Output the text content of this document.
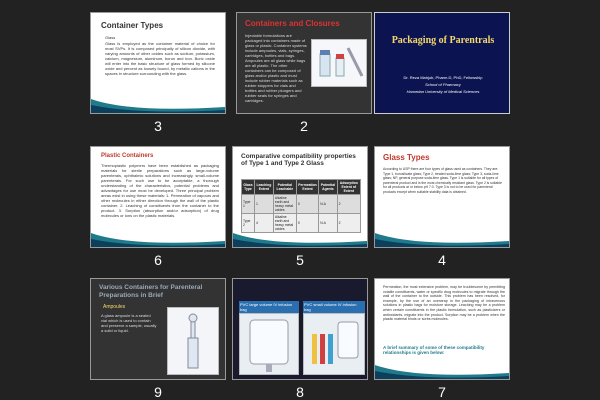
Container Types
Glass
Glass is employed as the container material of choice for most SVPs. It is composed principally of silicon dioxide, with varying amounts of other oxides such as sodium, potassium, calcium, magnesium, aluminum, boron and iron. Boric oxide will enter into the basic structure of glass formed by silicone oxide and percent as loosely bound, by metallic cations in the spaces in structure surrounding with the glass.
3
Containers and Closures
Injectable formulations are packaged into containers made of glass or plastic. Container systems include ampoules, vials, syringes, cartridges, bottles and bags. Ampoules are all glass while bags are all plastic. The other containers can be composed of glass and/or plastic and must include rubber materials such as rubber stoppers for vials and bottles and rubber plungers and rubber seals for syringes and cartridges.
2
Packaging of Parentrals
Dr. Reza Mahjub, Pharm.D, PhD, Fellowship
School of Pharmacy
Hamedan University of Medical Sciences
Plastic Containers
Thermoplastic polymers have been established as packaging materials for sterile preparations such as large-volume parenterals, ophthalmic solutions and increasingly, small-volume parenterals. For such use to be acceptable, a thorough understanding of the characteristics, potential problems and advantages for use must be developed. Three principal problem areas exist in using these materials: 1. Permeation of vapours and other molecules in either direction through the wall of the plastic container. 2. Leaching of constituents from the container to the product. 3. Sorption (absorption and/or adsorption) of drug molecules or ions on the plastic materials.
6
Comparative compatibility properties of Type 1 and Type 2 Glass
Glass Type	Leaching Extent	Potential Leachable	Permeation Extent	Potential Agents	Adsorption Extent of Extent
Type 1	1	Alkaline earth and heavy metal oxides	0	N.A	2
Type 2	4	Alkaline earth and heavy metal oxides	0	N.A	2
5
Glass Types
According to USP there are four types of glass used as containers. They are: Type 1, borosilicate glass; Type 2, treated soda-lime glass; Type 3, soda-lime glass; NP, general purpose soda-lime glass. Type 1 is suitable for all types of parenteral product and is the most chemically resistant glass. Type 2 is suitable for all products at or below pH 7.0. Type 3 is not to be used for parenteral products except when suitable stability data is obtained.
4
Various Containers for Parenteral Preparations in Brief
Ampoules
A glass ampoule is a sealed vial which is used to contain and preserve a sample, usually a solid or liquid.
9
PVC large volume IV infusion bag
PVC small volume IV infusion bag
8
Permeation, the most extensive problem, may be troublesome by permitting volatile constituents, water or specific drug molecules to migrate through the wall of the container to the outside. This problem has been resolved, for example, by the use of an overwrap in the packaging of intravenous solutions in plastic bags for moisture storage. Leaching may be a problem when certain constituents in the plastic formulation, such as plasticizers or antioxidants, migrate into the product. Sorption may be a problem when the plastic material binds or sorbs molecules.
A brief summary of some of these compatibility relationships is given below:
7
